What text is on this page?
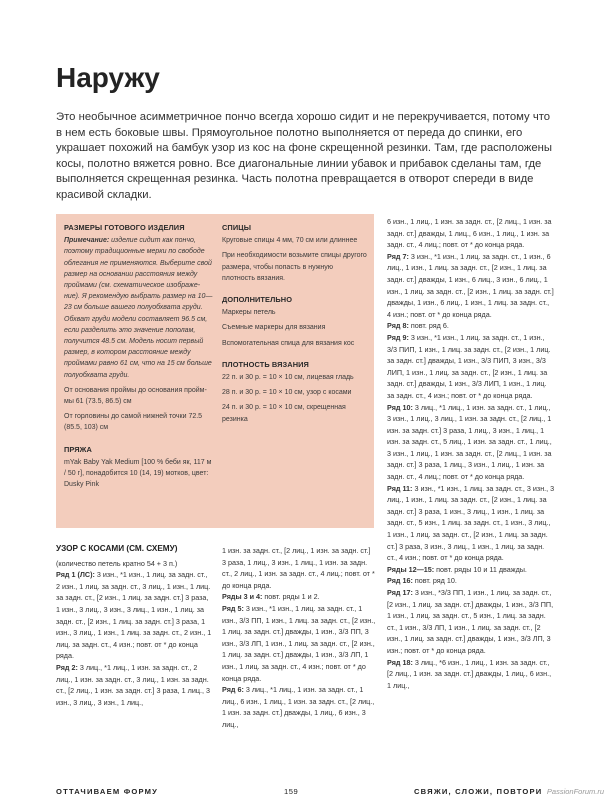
Наружу

Это необычное асимметричное пончо всегда хорошо сидит и не перекручивается, потому что в нем есть боковые швы. Прямоугольное полотно выполняется от переда до спинки, его украшает похожий на бамбук узор из кос на фоне скрещенной резинки. Там, где расположены косы, полотно вяжется ровно. Все диагональные линии убавок и прибавок сделаны там, где выполняется скрещенная резинка. Часть полотна превращается в отворот спереди в виде красивой складки.

РАЗМЕРЫ ГОТОВОГО ИЗДЕЛИЯ

Примечание: изделие сидит как пончо, поэтому традиционные мерки по свободе облегания не применяются. Выберите свой размер на основании расстояния между проймами (см. схематическое изображе-ние). Я рекомендую выбрать размер на 10—23 см больше вашего полуобхвата груди. Обхват груди модели составляет 96.5 см, если разделить это значение пополам, получится 48.5 см. Модель носит первый размер, в котором расстояние между проймами равно 61 см, что на 15 см больше полуобхвата груди.

От основания проймы до основания пройм-мы 61 (73.5, 86.5) см

От горловины до самой нижней точки 72.5 (85.5, 103) см

ПРЯЖА

mYak Baby Yak Medium [100 % беби як, 117 м / 50 г], понадобится 10 (14, 19) мотков, цвет: Dusky Pink

СПИЦЫ

Круговые спицы 4 мм, 70 см или длиннее

При необходимости возьмите спицы другого размера, чтобы попасть в нужную плотность вязания.

ДОПОЛНИТЕЛЬНО

Маркеры петель

Съемные маркеры для вязания

Вспомогательная спица для вязания кос

ПЛОТНОСТЬ ВЯЗАНИЯ

22 п. и 30 р. = 10 × 10 см, лицевая гладь

28 п. и 30 р. = 10 × 10 см, узор с косами

24 п. и 30 р. = 10 × 10 см, скрещенная резинка

УЗОР С КОСАМИ (СМ. СХЕМУ)

(количество петель кратно 54 + 3 п.)
Ряд 1 (ЛС): 3 изн., *1 изн., 1 лиц. за задн. ст., 2 изн., 1 лиц. за задн. ст., 3 лиц., 1 изн., 1 лиц. за задн. ст., [2 изн., 1 лиц. за задн. ст.] 3 раза, 1 изн., 3 лиц., 3 изн., 3 лиц., 1 изн., 1 лиц. за задн. ст., [2 изн., 1 лиц. за задн. ст.] 3 раза, 1 изн., 3 лиц., 1 изн., 1 лиц. за задн. ст., 2 изн., 1 лиц. за задн. ст., 4 изн.; повт. от * до конца ряда.
Ряд 2: 3 лиц., *1 лиц., 1 изн. за задн. ст., 2 лиц., 1 изн. за задн. ст., 3 лиц., 1 изн. за задн. ст., [2 лиц., 1 изн. за задн. ст.] 3 раза, 1 лиц., 3 изн., 3 лиц., 3 изн., 1 лиц.,
1 изн. за задн. ст., [2 лиц., 1 изн. за задн. ст.] 3 раза, 1 лиц., 3 изн., 1 лиц., 1 изн. за задн. ст., 2 лиц., 1 изн. за задн. ст., 4 лиц.; повт. от * до конца ряда.
Ряды 3 и 4: повт. ряды 1 и 2.
Ряд 5: 3 изн., *1 изн., 1 лиц. за задн. ст., 1 изн., 3/3 ПП, 1 изн., 1 лиц. за задн. ст., [2 изн., 1 лиц. за задн. ст.] дважды, 1 изн., 3/3 ПП, 3 изн., 3/3 ЛП, 1 изн., 1 лиц. за задн. ст., [2 изн., 1 лиц. за задн. ст.] дважды, 1 изн., 3/3 ЛП, 1 изн., 1 лиц. за задн. ст., 4 изн.; повт. от * до конца ряда.
Ряд 6: 3 лиц., *1 лиц., 1 изн. за задн. ст., 1 лиц., 6 изн., 1 лиц., 1 изн. за задн. ст., [2 лиц., 1 изн. за задн. ст.] дважды, 1 лиц., 6 изн., 3 лиц.,
6 изн., 1 лиц., 1 изн. за задн. ст., [2 лиц., 1 изн. за задн. ст.] дважды, 1 лиц., 6 изн., 1 лиц., 1 изн. за задн. ст., 4 лиц.; повт. от * до конца ряда.
Ряд 7: 3 изн., *1 изн., 1 лиц. за задн. ст., 1 изн., 6 лиц., 1 изн., 1 лиц. за задн. ст., [2 изн., 1 лиц. за задн. ст.] дважды, 1 изн., 6 лиц., 3 изн., 6 лиц., 1 изн., 1 лиц. за задн. ст., [2 изн., 1 лиц. за задн. ст.] дважды, 1 изн., 6 лиц., 1 изн., 1 лиц. за задн. ст., 4 изн.; повт. от * до конца ряда.
Ряд 8: повт. ряд 6.
Ряд 9: 3 изн., *1 изн., 1 лиц. за задн. ст., 1 изн., 3/3 ПИП, 1 изн., 1 лиц. за задн. ст., [2 изн., 1 лиц. за задн. ст.] дважды, 1 изн., 3/3 ПИП, 3 изн., 3/3 ЛИП, 1 изн., 1 лиц. за задн. ст., [2 изн., 1 лиц. за задн. ст.] дважды, 1 изн., 3/3 ЛИП, 1 изн., 1 лиц. за задн. ст., 4 изн.; повт. от * до конца ряда.
Ряд 10: 3 лиц., *1 лиц., 1 изн. за задн. ст., 1 лиц., 3 изн., 1 лиц., 3 лиц., 1 изн. за задн. ст., [2 лиц., 1 изн. за задн. ст.] 3 раза, 1 лиц., 3 изн., 1 лиц., 1 изн. за задн. ст., 5 лиц., 1 изн. за задн. ст., 1 лиц., 3 изн., 1 лиц., 1 изн. за задн. ст., [2 лиц., 1 изн. за задн. ст.] 3 раза, 1 лиц., 3 изн., 1 лиц., 1 изн. за задн. ст., 4 лиц.; повт. от * до конца ряда.
Ряд 11: 3 изн., *1 изн., 1 лиц. за задн. ст., 3 изн., 3 лиц., 1 изн., 1 лиц. за задн. ст., [2 изн., 1 лиц. за задн. ст.] 3 раза, 1 изн., 3 лиц., 1 изн., 1 лиц. за задн. ст., 5 изн., 1 лиц. за задн. ст., 1 изн., 3 лиц., 1 изн., 1 лиц. за задн. ст., [2 изн., 1 лиц. за задн. ст.] 3 раза, 3 изн., 3 лиц., 1 изн., 1 лиц. за задн. ст., 4 изн.; повт. от * до конца ряда.
Ряды 12—15: повт. ряды 10 и 11 дважды.
Ряд 16: повт. ряд 10.
Ряд 17: 3 изн., *3/3 ПП, 1 изн., 1 лиц. за задн. ст., [2 изн., 1 лиц. за задн. ст.] дважды, 1 изн., 3/3 ПП, 1 изн., 1 лиц. за задн. ст., 5 изн., 1 лиц. за задн. ст., 1 изн., 3/3 ЛП, 1 изн., 1 лиц. за задн. ст., [2 изн., 1 лиц. за задн. ст.] дважды, 1 изн., 3/3 ЛП, 3 изн.; повт. от * до конца ряда.
Ряд 18: 3 лиц., *6 изн., 1 лиц., 1 изн. за задн. ст., [2 лиц., 1 изн. за задн. ст.] дважды, 1 лиц., 6 изн., 1 лиц.,
ОТТАЧИВАЕМ ФОРМУ	159	СВЯЖИ, СЛОЖИ, ПОВТОРИ PassionForum.ru
